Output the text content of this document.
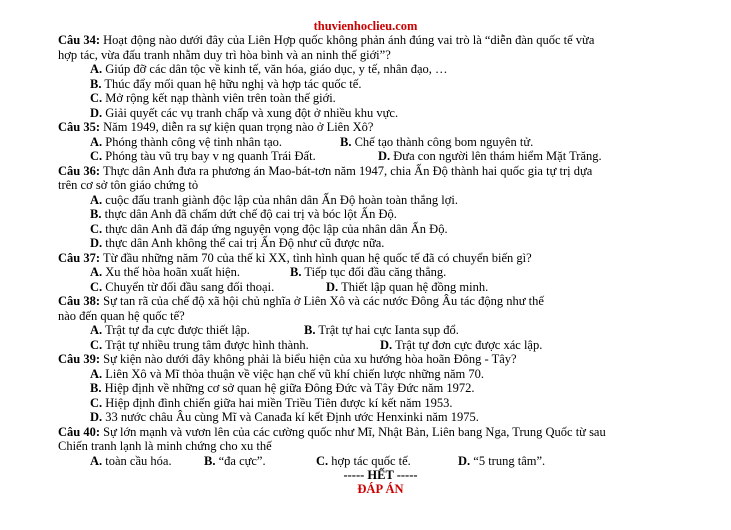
thuvienhoclieu.com
Câu 34: Hoạt động nào dưới đây của Liên Hợp quốc không phản ánh đúng vai trò là “diễn đàn quốc tế vừa
hợp tác, vừa đấu tranh nhằm duy trì hòa bình và an ninh thế giới”?
A. Giúp đỡ các dân tộc về kinh tế, văn hóa, giáo dục, y tế, nhân đạo, …
B. Thúc đẩy mối quan hệ hữu nghị và hợp tác quốc tế.
C. Mở rộng kết nạp thành viên trên toàn thế giới.
D. Giải quyết các vụ tranh chấp và xung đột ở nhiều khu vực.
Câu 35: Năm 1949, diễn ra sự kiện quan trọng nào ở Liên Xô?
A. Phóng thành công vệ tinh nhân tạo.	B. Chế tạo thành công bom nguyên tử.
C. Phóng tàu vũ trụ bay v ng quanh Trái Đất.	D. Đưa con người lên thám hiểm Mặt Trăng.
Câu 36: Thực dân Anh đưa ra phương án Mao-bát-tơn năm 1947, chia Ấn Độ thành hai quốc gia tự trị dựa
trên cơ sở tôn giáo chứng tỏ
A. cuộc đấu tranh giành độc lập của nhân dân Ấn Độ hoàn toàn thắng lợi.
B. thực dân Anh đã chấm dứt chế độ cai trị và bóc lột Ấn Độ.
C. thực dân Anh đã đáp ứng nguyện vọng độc lập của nhân dân Ấn Độ.
D. thực dân Anh không thể cai trị Ấn Độ như cũ được nữa.
Câu 37: Từ đầu những năm 70 của thế kỉ XX, tình hình quan hệ quốc tế đã có chuyển biến gì?
A. Xu thế hòa hoãn xuất hiện.	B. Tiếp tục đối đầu căng thẳng.
C. Chuyển từ đối đầu sang đối thoại.	D. Thiết lập quan hệ đồng minh.
Câu 38: Sự tan rã của chế độ xã hội chủ nghĩa ở Liên Xô và các nước Đông Âu tác động như thế
nào đến quan hệ quốc tế?
A. Trật tự đa cực được thiết lập.	B. Trật tự hai cực Ianta sụp đổ.
C. Trật tự nhiều trung tâm được hình thành.	D. Trật tự đơn cực được xác lập.
Câu 39: Sự kiện nào dưới đây không phải là biểu hiện của xu hướng hòa hoãn Đông - Tây?
A. Liên Xô và Mĩ thỏa thuận về việc hạn chế vũ khí chiến lược những năm 70.
B. Hiệp định về những cơ sở quan hệ giữa Đông Đức và Tây Đức năm 1972.
C. Hiệp định đình chiến giữa hai miền Triều Tiên được kí kết năm 1953.
D. 33 nước châu Âu cùng Mĩ và Canađa kí kết Định ước Henxinki năm 1975.
Câu 40: Sự lớn mạnh và vươn lên của các cường quốc như Mĩ, Nhật Bản, Liên bang Nga, Trung Quốc từ sau
Chiến tranh lạnh là minh chứng cho xu thế
A. toàn cầu hóa.	B. “đa cực”.	C. hợp tác quốc tế.	D. “5 trung tâm”.
----- HẾT -----
ĐÁP ÁN
